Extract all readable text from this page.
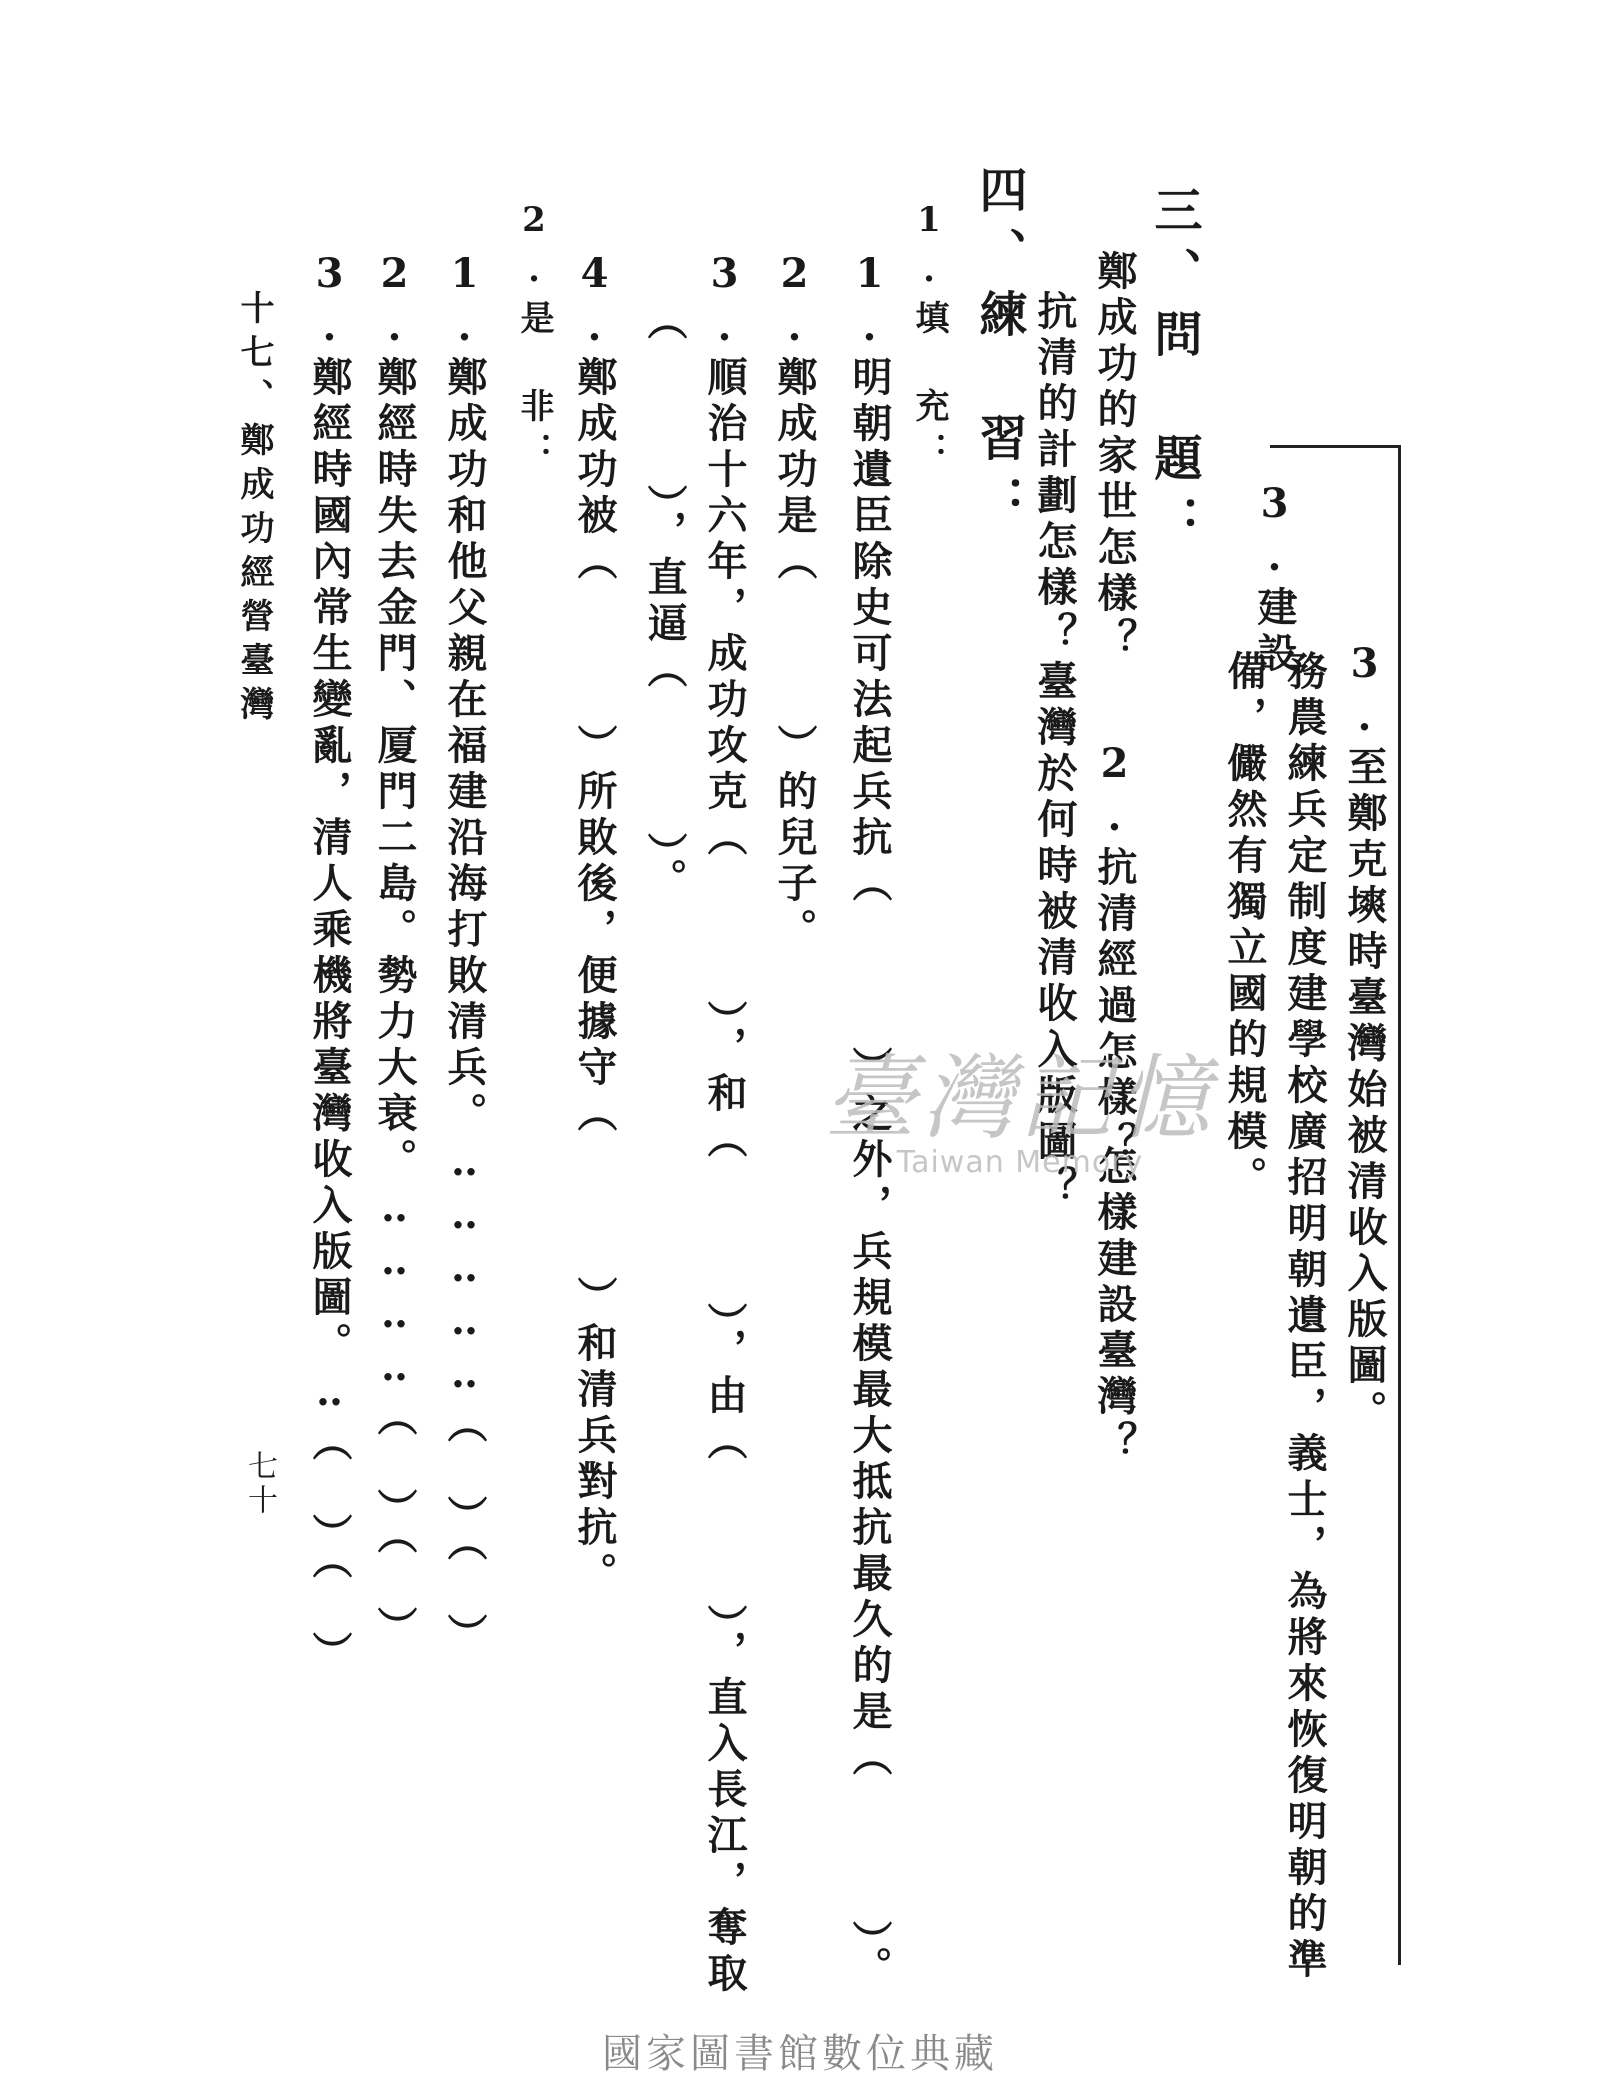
三、問　題：
鄭成功的家世怎樣？
抗清的計劃怎樣？
2.抗清經過怎樣？
臺灣於何時被清收入版圖？
3.建設
怎樣建設臺灣？	3.至鄭克塽時臺灣始被清收入版圖。
務農練兵定制度建學校廣招明朝遺臣，義士，為將來恢復明朝的準
備，儼然有獨立國的規模。
四、練　習：
1.填　充：
1.明朝遺臣除史可法起兵抗（　　　）之外，兵規模最大抵抗最久的是（　　　）。
2.鄭成功是（　　　）的兒子。
3.順治十六年，成功攻克（　　　），和（　　　），由（　　　），直入長江，奪取
（　　　），直逼（　　　）。
4.鄭成功被（　　　）所敗後，便據守（　　　）和清兵對抗。
2.是　非：
1.鄭成功和他父親在福建沿海打敗清兵。‥‥‥‥‥（　）（　）
2.鄭經時失去金門、厦門二島。勢力大衰。‥‥‥‥（　）（　）
3.鄭經時國內常生變亂，清人乘機將臺灣收入版圖。‥（　）（　）
十七、鄭成功經營臺灣
七十
臺灣記憶
Taiwan Memory
國家圖書館數位典藏
